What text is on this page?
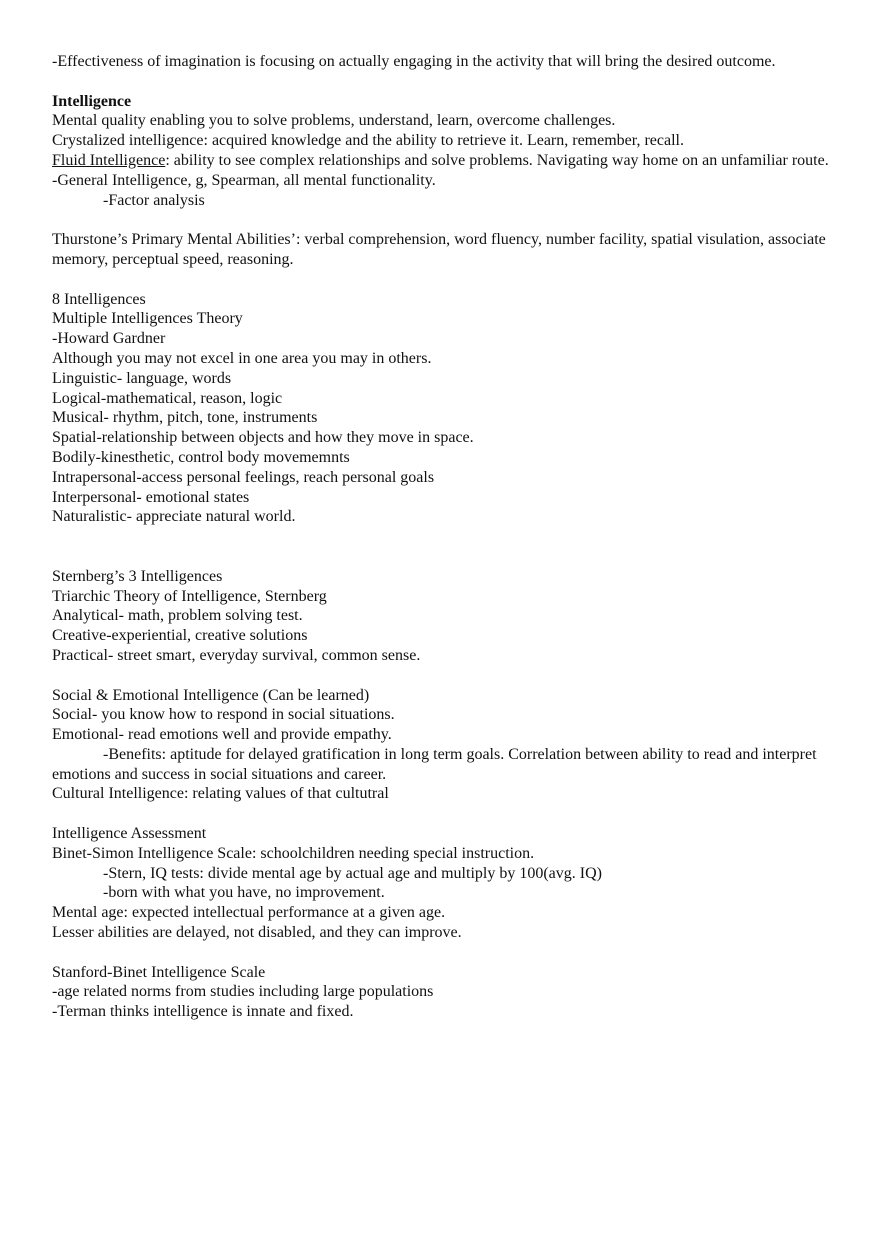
-Effectiveness of imagination is focusing on actually engaging in the activity that will bring the desired outcome.
Intelligence
Mental quality enabling you to solve problems, understand, learn, overcome challenges.
Crystalized intelligence: acquired knowledge and the ability to retrieve it. Learn, remember, recall.
Fluid Intelligence: ability to see complex relationships and solve problems. Navigating way home on an unfamiliar route.
-General Intelligence, g, Spearman, all mental functionality.
-Factor analysis
Thurstone’s Primary Mental Abilities’: verbal comprehension, word fluency, number facility, spatial visulation, associate memory, perceptual speed, reasoning.
8 Intelligences
Multiple Intelligences Theory
-Howard Gardner
Although you may not excel in one area you may in others.
Linguistic- language, words
Logical-mathematical, reason, logic
Musical- rhythm, pitch, tone, instruments
Spatial-relationship between objects and how they move in space.
Bodily-kinesthetic, control body movememnts
Intrapersonal-access personal feelings, reach personal goals
Interpersonal- emotional states
Naturalistic- appreciate natural world.
Sternberg’s 3 Intelligences
Triarchic Theory of Intelligence, Sternberg
Analytical- math, problem solving test.
Creative-experiential, creative solutions
Practical- street smart, everyday survival, common sense.
Social & Emotional Intelligence (Can be learned)
Social- you know how to respond in social situations.
Emotional- read emotions well and provide empathy.
-Benefits: aptitude for delayed gratification in long term goals. Correlation between ability to read and interpret emotions and success in social situations and career.
Cultural Intelligence: relating values of that cultutral
Intelligence Assessment
Binet-Simon Intelligence Scale: schoolchildren needing special instruction.
-Stern, IQ tests: divide mental age by actual age and multiply by 100(avg. IQ)
-born with what you have, no improvement.
Mental age: expected intellectual performance at a given age.
Lesser abilities are delayed, not disabled, and they can improve.
Stanford-Binet Intelligence Scale
-age related norms from studies including large populations
-Terman thinks intelligence is innate and fixed.
